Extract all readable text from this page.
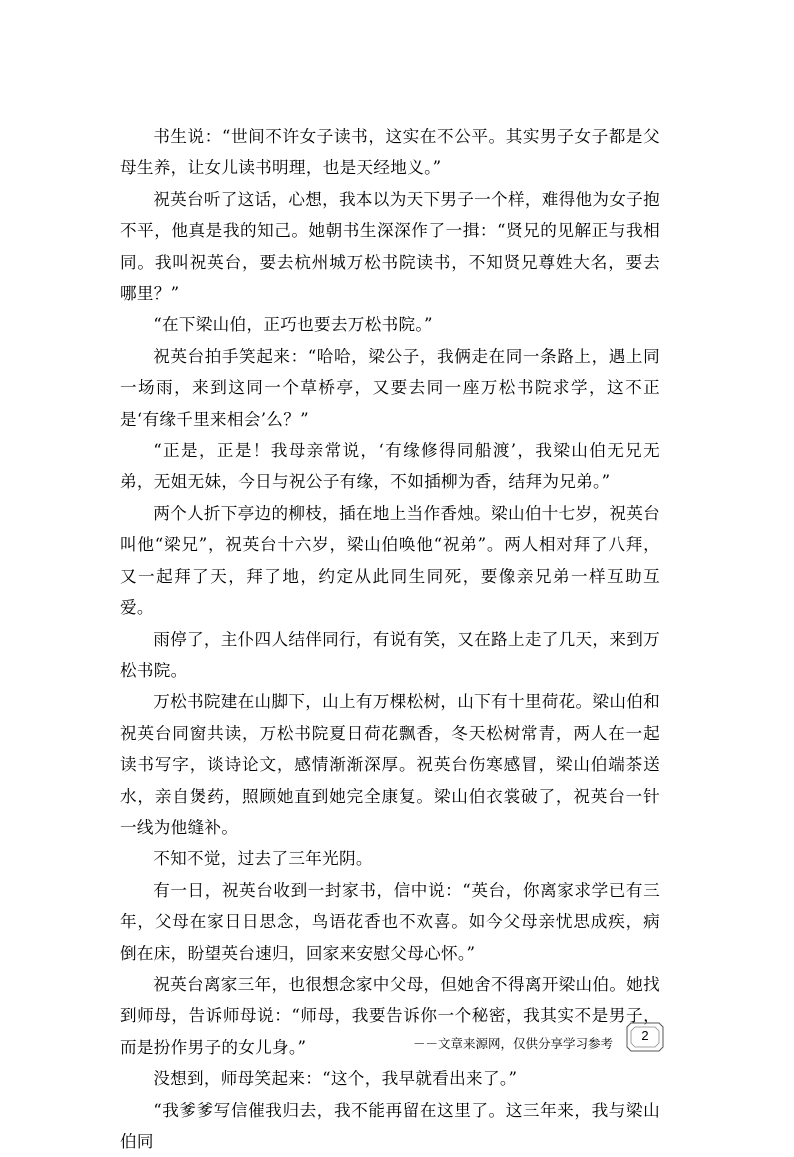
书生说：“世间不许女子读书，这实在不公平。其实男子女子都是父母生养，让女儿读书明理，也是天经地义。”

祝英台听了这话，心想，我本以为天下男子一个样，难得他为女子抱不平，他真是我的知己。她朝书生深深作了一揖：“贤兄的见解正与我相同。我叫祝英台，要去杭州城万松书院读书，不知贤兄尊姓大名，要去哪里？”

“在下梁山伯，正巧也要去万松书院。”

祝英台拍手笑起来：“哈哈，梁公子，我俩走在同一条路上，遇上同一场雨，来到这同一个草桥亭，又要去同一座万松书院求学，这不正是‘有缘千里来相会’么？”

“正是，正是！我母亲常说，‘有缘修得同船渡’，我梁山伯无兄无弟，无姐无妹，今日与祝公子有缘，不如插柳为香，结拜为兄弟。”

两个人折下亭边的柳枝，插在地上当作香烛。梁山伯十七岁，祝英台叫他“梁兄”，祝英台十六岁，梁山伯唤他“祝弟”。两人相对拜了八拜，又一起拜了天，拜了地，约定从此同生同死，要像亲兄弟一样互助互爱。

雨停了，主仆四人结伴同行，有说有笑，又在路上走了几天，来到万松书院。

万松书院建在山脚下，山上有万棵松树，山下有十里荷花。梁山伯和祝英台同窗共读，万松书院夏日荷花飘香，冬天松树常青，两人在一起读书写字，谈诗论文，感情渐渐深厚。祝英台伤寒感冒，梁山伯端茶送水，亲自煲药，照顾她直到她完全康复。梁山伯衣裳破了，祝英台一针一线为他缝补。

不知不觉，过去了三年光阴。

有一日，祝英台收到一封家书，信中说：“英台，你离家求学已有三年，父母在家日日思念，鸟语花香也不欢喜。如今父母亲忧思成疾，病倒在床，盼望英台速归，回家来安慰父母心怀。”

祝英台离家三年，也很想念家中父母，但她舍不得离开梁山伯。她找到师母，告诉师母说：“师母，我要告诉你一个秘密，我其实不是男子，而是扮作男子的女儿身。”

没想到，师母笑起来：“这个，我早就看出来了。”

“我爹爹写信催我归去，我不能再留在这里了。这三年来，我与梁山伯同

－－文章来源网，仅供分享学习参考
2
